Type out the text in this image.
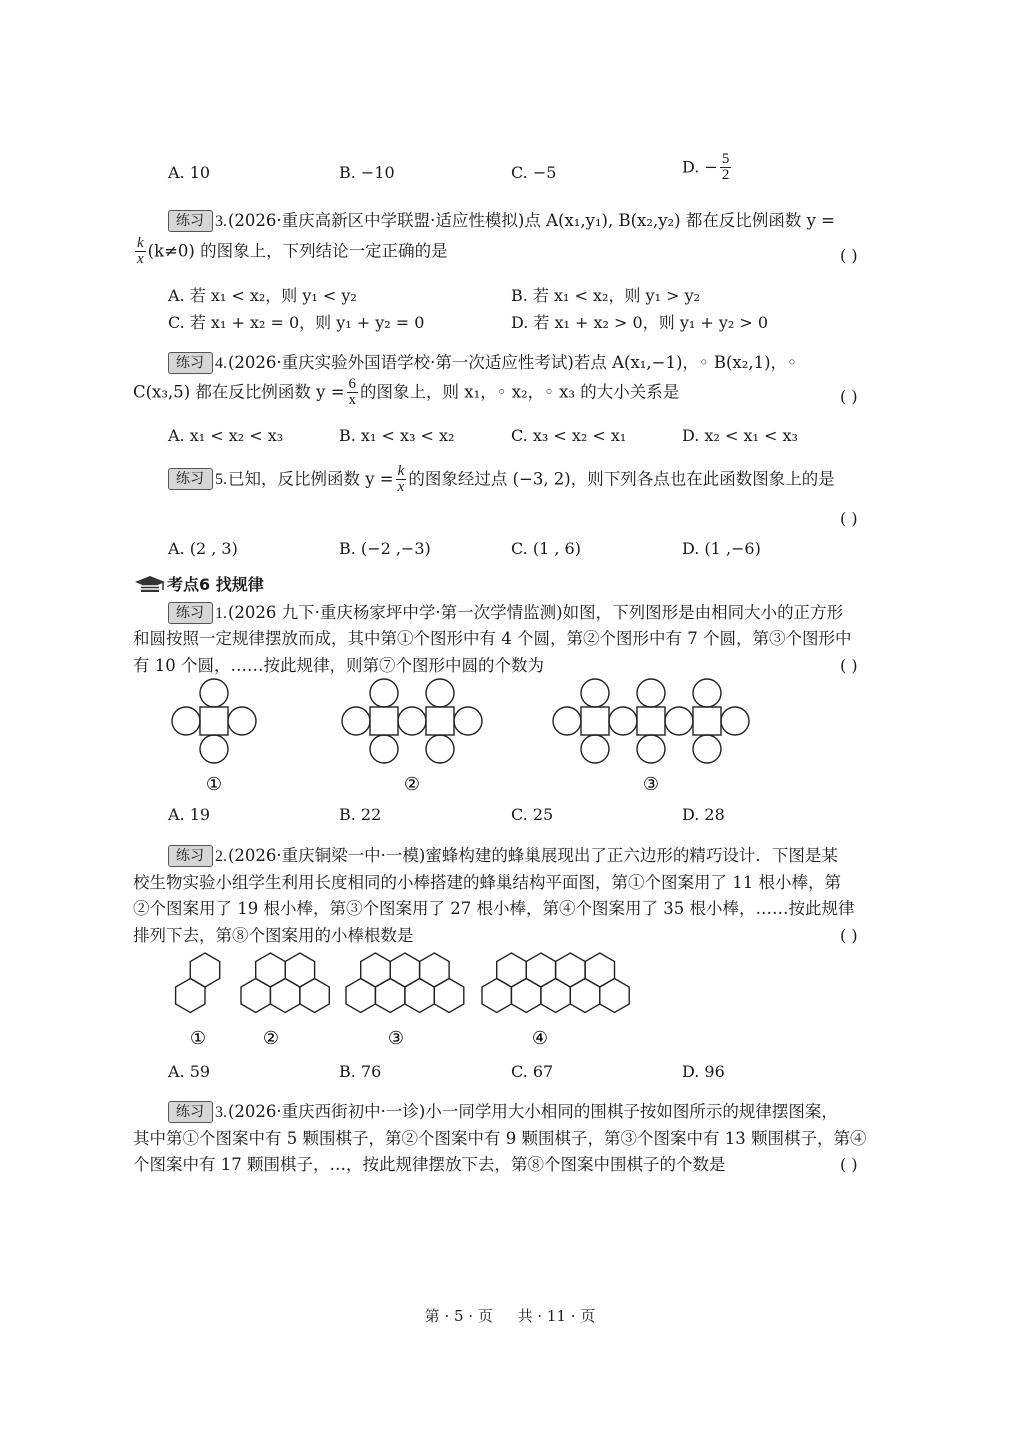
A. 10	B. −10	C. −5	D. − $\frac{5}{2}$
练习 3.(2026·重庆高新区中学联盟·适应性模拟)点 A(x₁,y₁), B(x₂,y₂) 都在反比例函数 y =
$\frac{k}{x} (k\ne 0)$ 的图象上，下列结论一定正确的是	( )
A. 若 x₁ < x₂，则 y₁ < y₂	B. 若 x₁ < x₂，则 y₁ > y₂
C. 若 x₁ + x₂ = 0，则 y₁ + y₂ = 0	D. 若 x₁ + x₂ > 0，则 y₁ + y₂ > 0
练习 4.(2026·重庆实验外国语学校·第一次适应性考试)若点 A(x₁,−1)，◦ B(x₂,1)，◦
C(x₃,5) 都在反比例函数 $y = \frac{6}{x}$ 的图象上，则 x₁，◦ x₂，◦ x₃ 的大小关系是	( )
A. x₁ < x₂ < x₃	B. x₁ < x₃ < x₂	C. x₃ < x₂ < x₁	D. x₂ < x₁ < x₃
练习 5.已知，反比例函数 $y = \frac{k}{x}$ 的图象经过点 (−3, 2)，则下列各点也在此函数图象上的是
( )
A. (2 , 3)	B. (−2 ,−3)	C. (1 , 6)	D. (1 ,−6)
考点6 找规律
练习 1.(2026 九下·重庆杨家坪中学·第一次学情监测)如图，下列图形是由相同大小的正方形
和圆按照一定规律摆放而成，其中第①个图形中有 4 个圆，第②个图形中有 7 个圆，第③个图形中
有 10 个圆，……按此规律，则第⑦个图形中圆的个数为	( )
①	②	③
A. 19	B. 22	C. 25	D. 28
练习 2.(2026·重庆铜梁一中·一模)蜜蜂构建的蜂巢展现出了正六边形的精巧设计．下图是某
校生物实验小组学生利用长度相同的小棒搭建的蜂巢结构平面图，第①个图案用了 11 根小棒，第
②个图案用了 19 根小棒，第③个图案用了 27 根小棒，第④个图案用了 35 根小棒，……按此规律
排列下去，第⑧个图案用的小棒根数是	( )
①	②	③	④
A. 59	B. 76	C. 67	D. 96
练习 3.(2026·重庆西街初中·一诊)小一同学用大小相同的围棋子按如图所示的规律摆图案，
其中第①个图案中有 5 颗围棋子，第②个图案中有 9 颗围棋子，第③个图案中有 13 颗围棋子，第④
个图案中有 17 颗围棋子，…，按此规律摆放下去，第⑧个图案中围棋子的个数是	( )
第 · 5 · 页 共 · 11 · 页
